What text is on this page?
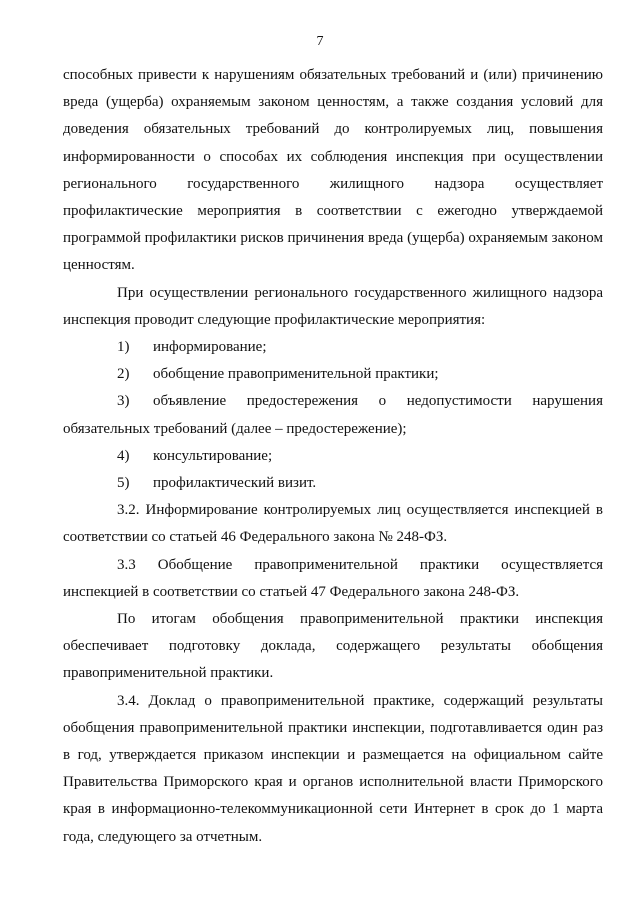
7

способных привести к нарушениям обязательных требований и (или) причинению вреда (ущерба) охраняемым законом ценностям, а также создания условий для доведения обязательных требований до контролируемых лиц, повышения информированности о способах их соблюдения инспекция при осуществлении регионального государственного жилищного надзора осуществляет профилактические мероприятия в соответствии с ежегодно утверждаемой программой профилактики рисков причинения вреда (ущерба) охраняемым законом ценностям.

При осуществлении регионального государственного жилищного надзора инспекция проводит следующие профилактические мероприятия:

1) информирование;

2) обобщение правоприменительной практики;

3) объявление предостережения о недопустимости нарушения обязательных требований (далее – предостережение);

4) консультирование;

5) профилактический визит.

3.2. Информирование контролируемых лиц осуществляется инспекцией в соответствии со статьей 46 Федерального закона № 248-ФЗ.

3.3 Обобщение правоприменительной практики осуществляется инспекцией в соответствии со статьей 47 Федерального закона 248-ФЗ.

По итогам обобщения правоприменительной практики инспекция обеспечивает подготовку доклада, содержащего результаты обобщения правоприменительной практики.

3.4. Доклад о правоприменительной практике, содержащий результаты обобщения правоприменительной практики инспекции, подготавливается один раз в год, утверждается приказом инспекции и размещается на официальном сайте Правительства Приморского края и органов исполнительной власти Приморского края в информационно-телекоммуникационной сети Интернет в срок до 1 марта года, следующего за отчетным.
